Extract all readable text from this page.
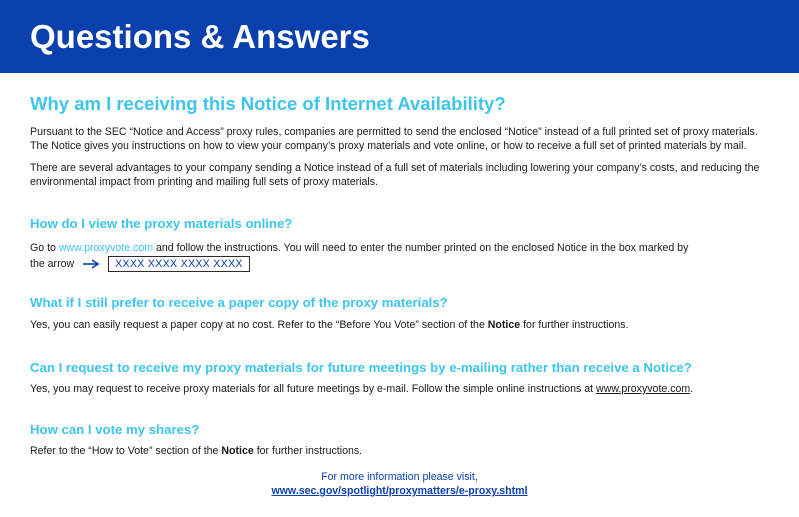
Questions & Answers
Why am I receiving this Notice of Internet Availability?

Pursuant to the SEC “Notice and Access” proxy rules, companies are permitted to send the enclosed “Notice” instead of a full printed set of proxy materials. The Notice gives you instructions on how to view your company’s proxy materials and vote online, or how to receive a full set of printed materials by mail.

There are several advantages to your company sending a Notice instead of a full set of materials including lowering your company’s costs, and reducing the environmental impact from printing and mailing full sets of proxy materials.

How do I view the proxy materials online?

Go to www.proxyvote.com and follow the instructions. You will need to enter the number printed on the enclosed Notice in the box marked by

the arrow	XXXX XXXX XXXX XXXX
What if I still prefer to receive a paper copy of the proxy materials?

Yes, you can easily request a paper copy at no cost. Refer to the “Before You Vote” section of the Notice for further instructions.

Can I request to receive my proxy materials for future meetings by e-mailing rather than receive a Notice?

Yes, you may request to receive proxy materials for all future meetings by e-mail. Follow the simple online instructions at www.proxyvote.com.

How can I vote my shares?

Refer to the “How to Vote” section of the Notice for further instructions.

For more information please visit,

www.sec.gov/spotlight/proxymatters/e-proxy.shtml
